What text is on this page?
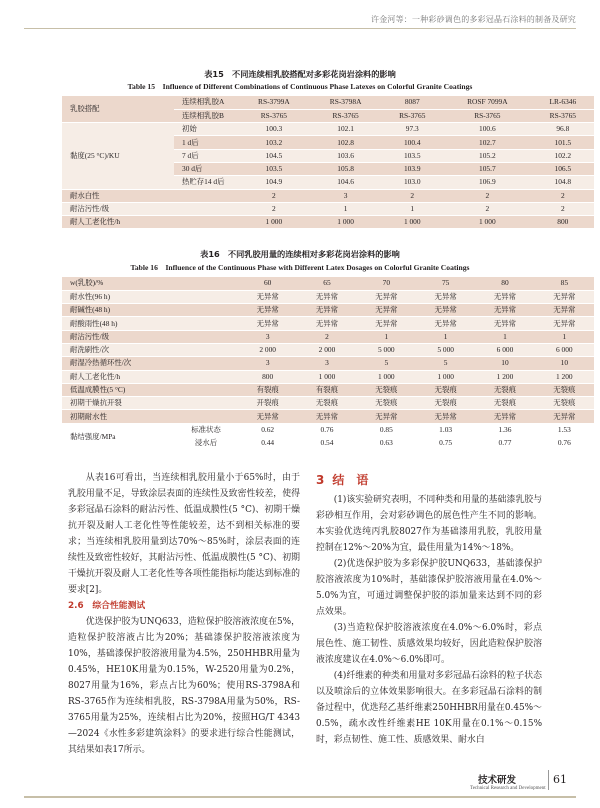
许金河等：一种彩砂调色的多彩冠晶石涂料的制备及研究
表15　不同连续相乳胶搭配对多彩花岗岩涂料的影响
Table 15　Influence of Different Combinations of Continuous Phase Latexes on Colorful Granite Coatings
乳胶搭配	连续相乳胶A	RS-3799A	RS-3798A	8087	ROSF 7099A	LR-6346
	连续相乳胶B	RS-3765	RS-3765	RS-3765	RS-3765	RS-3765
黏度(25 °C)/KU	初始	100.3	102.1	97.3	100.6	96.8
	1 d后	103.2	102.8	100.4	102.7	101.5
	7 d后	104.5	103.6	103.5	105.2	102.2
	30 d后	103.5	105.8	103.9	105.7	106.5
	热贮存14 d后	104.9	104.6	103.0	106.9	104.8
耐水白性		2	3	2	2	2
耐沾污性/级		2	1	1	2	2
耐人工老化性/h		1 000	1 000	1 000	1 000	800
表16　不同乳胶用量的连续相对多彩花岗岩涂料的影响
Table 16　Influence of the Continuous Phase with Different Latex Dosages on Colorful Granite Coatings
w(乳胶)/%		60	65	70	75	80	85
耐水性(96 h)		无异常	无异常	无异常	无异常	无异常	无异常
耐碱性(48 h)		无异常	无异常	无异常	无异常	无异常	无异常
耐酸雨性(48 h)		无异常	无异常	无异常	无异常	无异常	无异常
耐沾污性/级		3	2	1	1	1	1
耐洗刷性/次		2 000	2 000	5 000	5 000	6 000	6 000
耐湿冷热循环性/次		3	3	5	5	10	10
耐人工老化性/h		800	1 000	1 000	1 000	1 200	1 200
低温成膜性(5 °C)		有裂痕	有裂痕	无裂痕	无裂痕	无裂痕	无裂痕
初期干燥抗开裂		开裂痕	无裂痕	无裂痕	无裂痕	无裂痕	无裂痕
初期耐水性		无异常	无异常	无异常	无异常	无异常	无异常
黏结强度/MPa	标准状态	0.62	0.76	0.85	1.03	1.36	1.53
	浸水后	0.44	0.54	0.63	0.75	0.77	0.76

从表16可看出，当连续相乳胶用量小于65%时，由于乳胶用量不足，导致涂层表面的连续性及致密性较差，使得多彩冠晶石涂料的耐沾污性、低温成膜性(5 °C)、初期干燥抗开裂及耐人工老化性等性能较差，达不到相关标准的要求；当连续相乳胶用量到达70%～85%时，涂层表面的连续性及致密性较好，其耐沾污性、低温成膜性(5 °C)、初期干燥抗开裂及耐人工老化性等各项性能指标均能达到标准的要求[2]。

2.6　综合性能测试

优选保护胶为UNQ633，造粒保护胶溶液浓度在5%，造粒保护胶溶液占比为20%；基础漆保护胶溶液浓度为10%，基础漆保护胶溶液用量为4.5%，250HHBR用量为0.45%，HE10K用量为0.15%，W-2520用量为0.2%，8027用量为16%，彩点占比为60%；使用RS-3798A和RS-3765作为连续相乳胶，RS-3798A用量为50%，RS-3765用量为25%，连续相占比为20%，按照HG/T 4343—2024《水性多彩建筑涂料》的要求进行综合性能测试，其结果如表17所示。

3 结　语

(1)该实验研究表明，不同种类和用量的基础漆乳胶与彩砂相互作用，会对彩砂调色的展色性产生不同的影响。本实验优选纯丙乳胶8027作为基础漆用乳胶，乳胶用量控制在12%～20%为宜，最佳用量为14%～18%。

(2)优选保护胶为多彩保护胶UNQ633，基础漆保护胶溶液浓度为10%时，基础漆保护胶溶液用量在4.0%～5.0%为宜，可通过调整保护胶的添加量来达到不同的彩点效果。

(3)当造粒保护胶溶液浓度在4.0%～6.0%时，彩点展色性、施工韧性、质感效果均较好，因此造粒保护胶溶液浓度建议在4.0%～6.0%即可。

(4)纤维素的种类和用量对多彩冠晶石涂料的粒子状态以及喷涂后的立体效果影响很大。在多彩冠晶石涂料的制备过程中，优选羟乙基纤维素250HHBR用量在0.45%～0.5%，疏水改性纤维素HE 10K用量在0.1%～0.15%时，彩点韧性、施工性、质感效果、耐水白

技术研发
Technical Research and Development
61
